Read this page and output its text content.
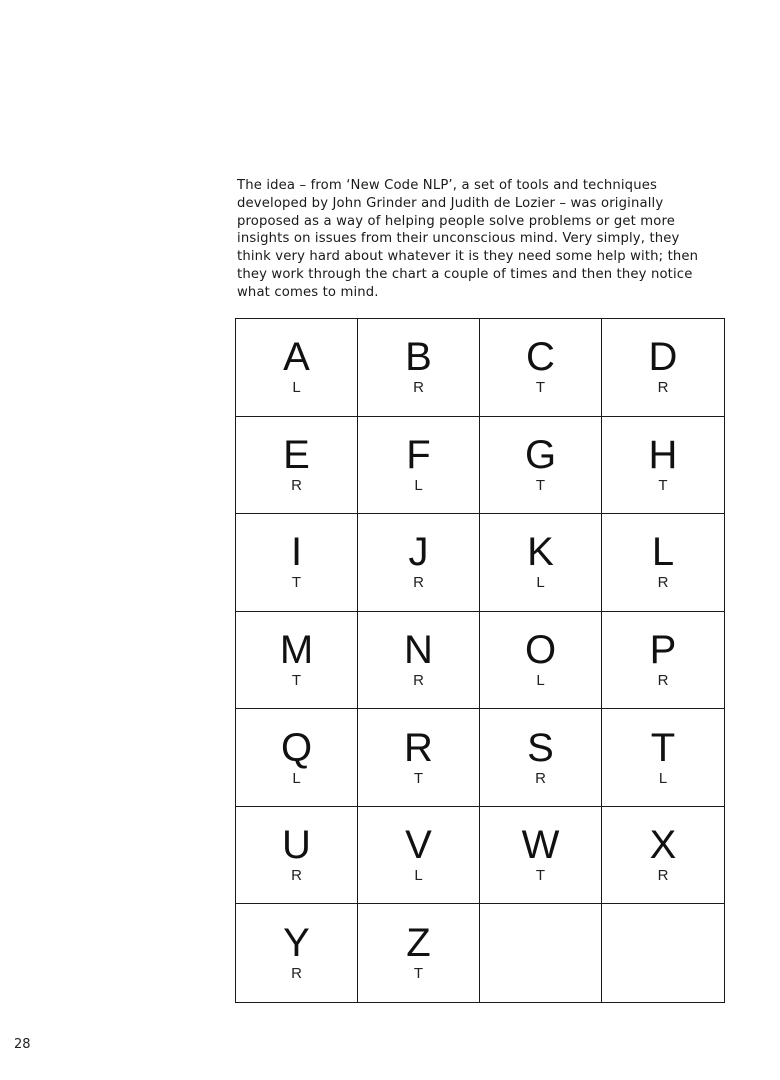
The idea – from ‘New Code NLP’, a set of tools and techniques developed by John Grinder and Judith de Lozier – was originally proposed as a way of helping people solve problems or get more insights on issues from their unconscious mind. Very simply, they think very hard about whatever it is they need some help with; then they work through the chart a couple of times and then they notice what comes to mind.

A
L
B
R
C
T
D
R
E
R
F
L
G
T
H
T
I
T
J
R
K
L
L
R
M
T
N
R
O
L
P
R
Q
L
R
T
S
R
T
L
U
R
V
L
W
T
X
R
Y
R
Z
T
28
